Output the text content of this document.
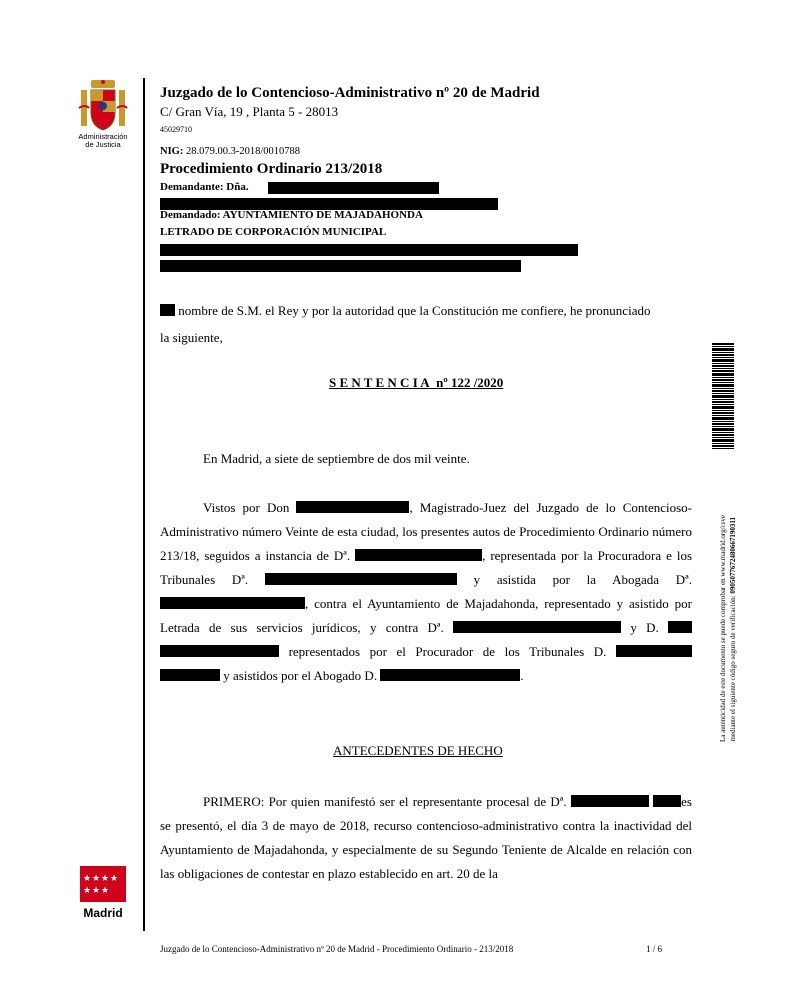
Administración
de Justicia
Juzgado de lo Contencioso-Administrativo nº 20 de Madrid
C/ Gran Vía, 19 , Planta 5 - 28013
45029710
NIG: 28.079.00.3-2018/0010788
Procedimiento Ordinario 213/2018
Demandante: Dña.
Demandado: AYUNTAMIENTO DE MAJADAHONDA
LETRADO DE CORPORACIÓN MUNICIPAL

nombre de S.M. el Rey y por la autoridad que la Constitución me confiere, he pronunciado

la siguiente,

S E N T E N C I A nº 122 /2020
En Madrid, a siete de septiembre de dos mil veinte.
Vistos por Don	, Magistrado-Juez del Juzgado de lo Contencioso-Administrativo número Veinte de esta ciudad, los presentes autos de Procedimiento Ordinario número 213/18, seguidos a instancia de Dª.	, representada por la Procuradora e los Tribunales Dª.	y asistida por la Abogada Dª. , contra el Ayuntamiento de Majadahonda, representado y asistido por Letrada de sus servicios jurídicos, y contra Dª.	y D.   representados por el Procurador de los Tribunales D.   y asistidos por el Abogado D.	.
ANTECEDENTES DE HECHO
PRIMERO: Por quien manifestó ser el representante procesal de Dª.	es se presentó, el día 3 de mayo de 2018, recurso contencioso-administrativo contra la inactividad del Ayuntamiento de Majadahonda, y especialmente de su Segundo Teniente de Alcalde en relación con las obligaciones de contestar en plazo establecido en art. 20 de la
La autenticidad de este documento se puede comprobar en www.madrid.org/csve mediante el siguiente código seguro de verificación: 0905077672480667190311
★ ★ ★ ★
★ ★ ★
Madrid
Juzgado de lo Contencioso-Administrativo nº 20 de Madrid - Procedimiento Ordinario - 213/2018	1 / 6
